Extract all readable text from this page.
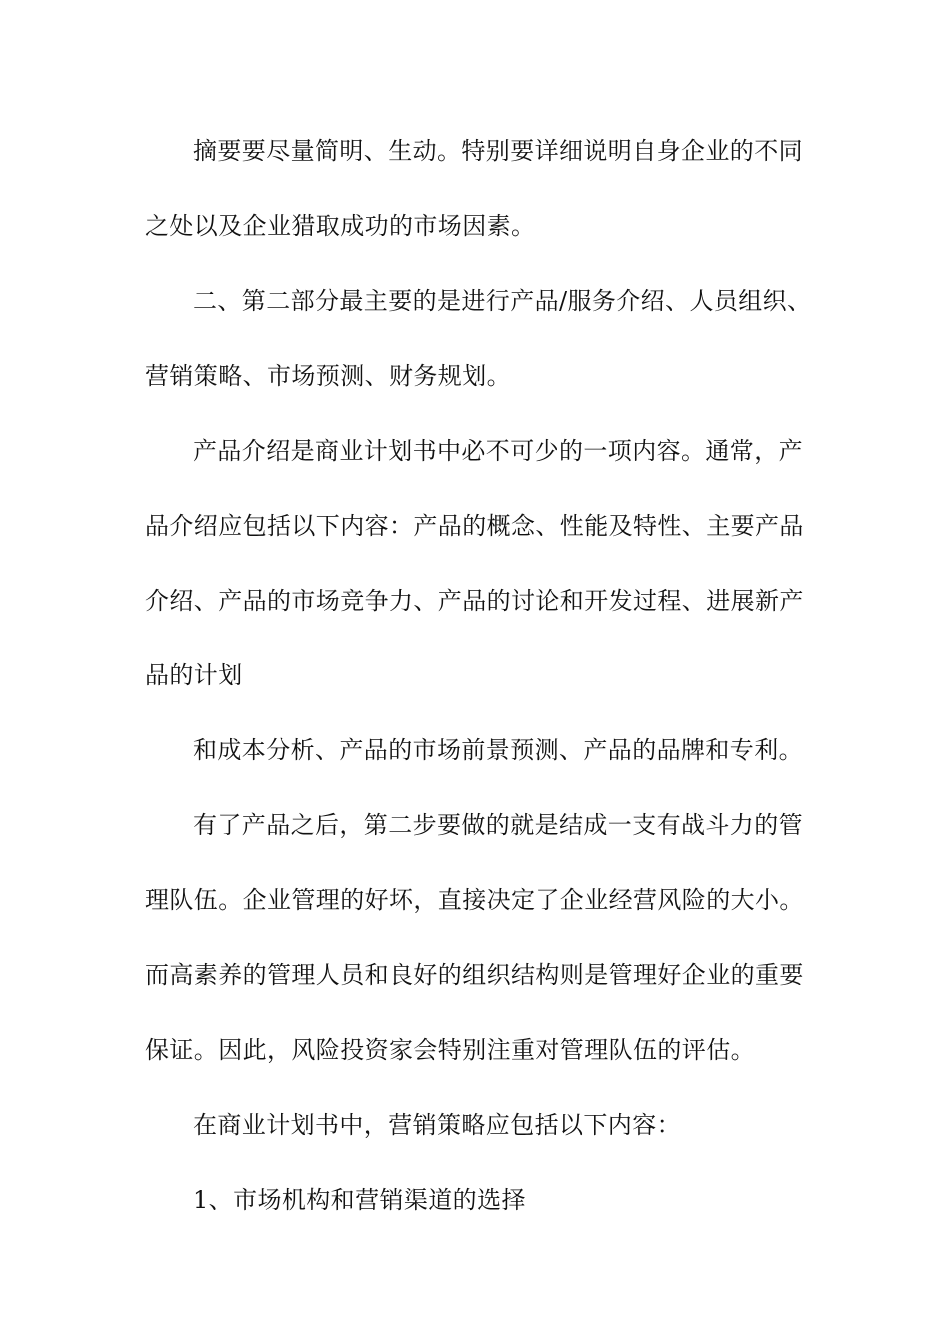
摘要要尽量简明、生动。特别要详细说明自身企业的不同
之处以及企业猎取成功的市场因素。
二、第二部分最主要的是进行产品/服务介绍、人员组织、
营销策略、市场预测、财务规划。
产品介绍是商业计划书中必不可少的一项内容。通常，产
品介绍应包括以下内容：产品的概念、性能及特性、主要产品
介绍、产品的市场竞争力、产品的讨论和开发过程、进展新产
品的计划
和成本分析、产品的市场前景预测、产品的品牌和专利。
有了产品之后，第二步要做的就是结成一支有战斗力的管
理队伍。企业管理的好坏，直接决定了企业经营风险的大小。
而高素养的管理人员和良好的组织结构则是管理好企业的重要
保证。因此，风险投资家会特别注重对管理队伍的评估。
在商业计划书中，营销策略应包括以下内容：
1、市场机构和营销渠道的选择
